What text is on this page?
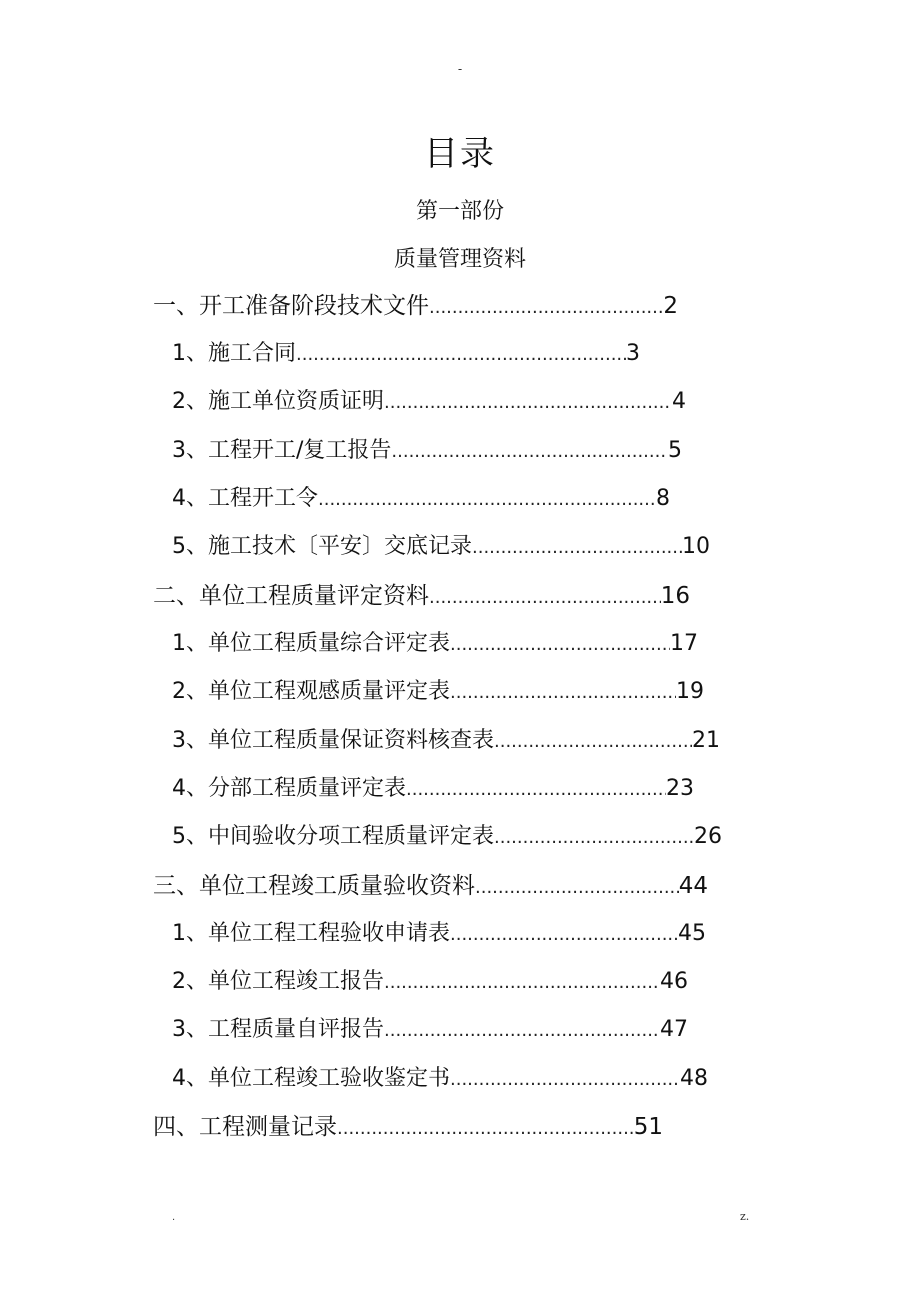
-
目录
第一部份
质量管理资料
一、开工准备阶段技术文件 .....	2
1、施工合同 .....	3
2、施工单位资质证明 .....	4
3、工程开工/复工报告 .....	5
4、工程开工令 .....	8
5、施工技术〔平安〕交底记录 .....	10
二、单位工程质量评定资料 .....	16
1、单位工程质量综合评定表 .....	17
2、单位工程观感质量评定表 .....	19
3、单位工程质量保证资料核查表 .....	21
4、分部工程质量评定表 .....	23
5、中间验收分项工程质量评定表 .....	26
三、单位工程竣工质量验收资料 .....	44
1、单位工程工程验收申请表 .....	45
2、单位工程竣工报告 .....	46
3、工程质量自评报告 .....	47
4、单位工程竣工验收鉴定书 .....	48
四、工程测量记录 .....	51
.	z.
